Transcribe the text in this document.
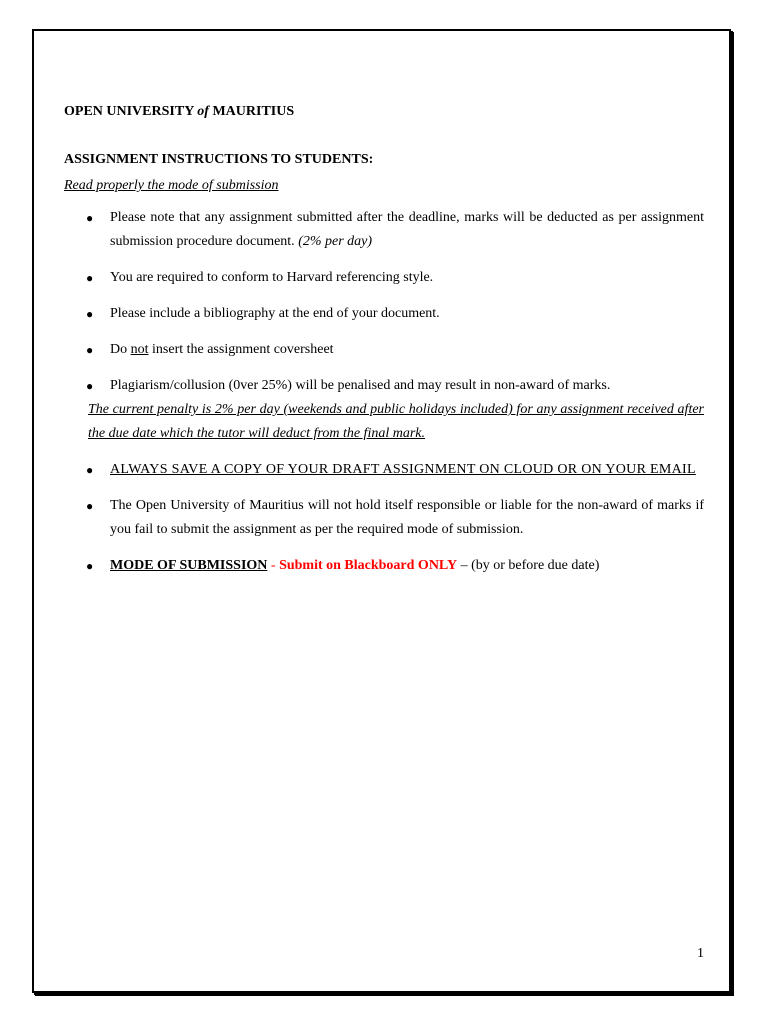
OPEN UNIVERSITY of MAURITIUS

ASSIGNMENT INSTRUCTIONS TO STUDENTS:

Read properly the mode of submission

● Please note that any assignment submitted after the deadline, marks will be deducted as per assignment submission procedure document. (2% per day)
● You are required to conform to Harvard referencing style.
● Please include a bibliography at the end of your document.
● Do not insert the assignment coversheet
● Plagiarism/collusion (0ver 25%) will be penalised and may result in non-award of marks.

The current penalty is 2% per day (weekends and public holidays included) for any assignment received after the due date which the tutor will deduct from the final mark.

● ALWAYS SAVE A COPY OF YOUR DRAFT ASSIGNMENT ON CLOUD OR ON YOUR EMAIL
● The Open University of Mauritius will not hold itself responsible or liable for the non-award of marks if you fail to submit the assignment as per the required mode of submission.
● MODE OF SUBMISSION - Submit on Blackboard ONLY – (by or before due date)
1
